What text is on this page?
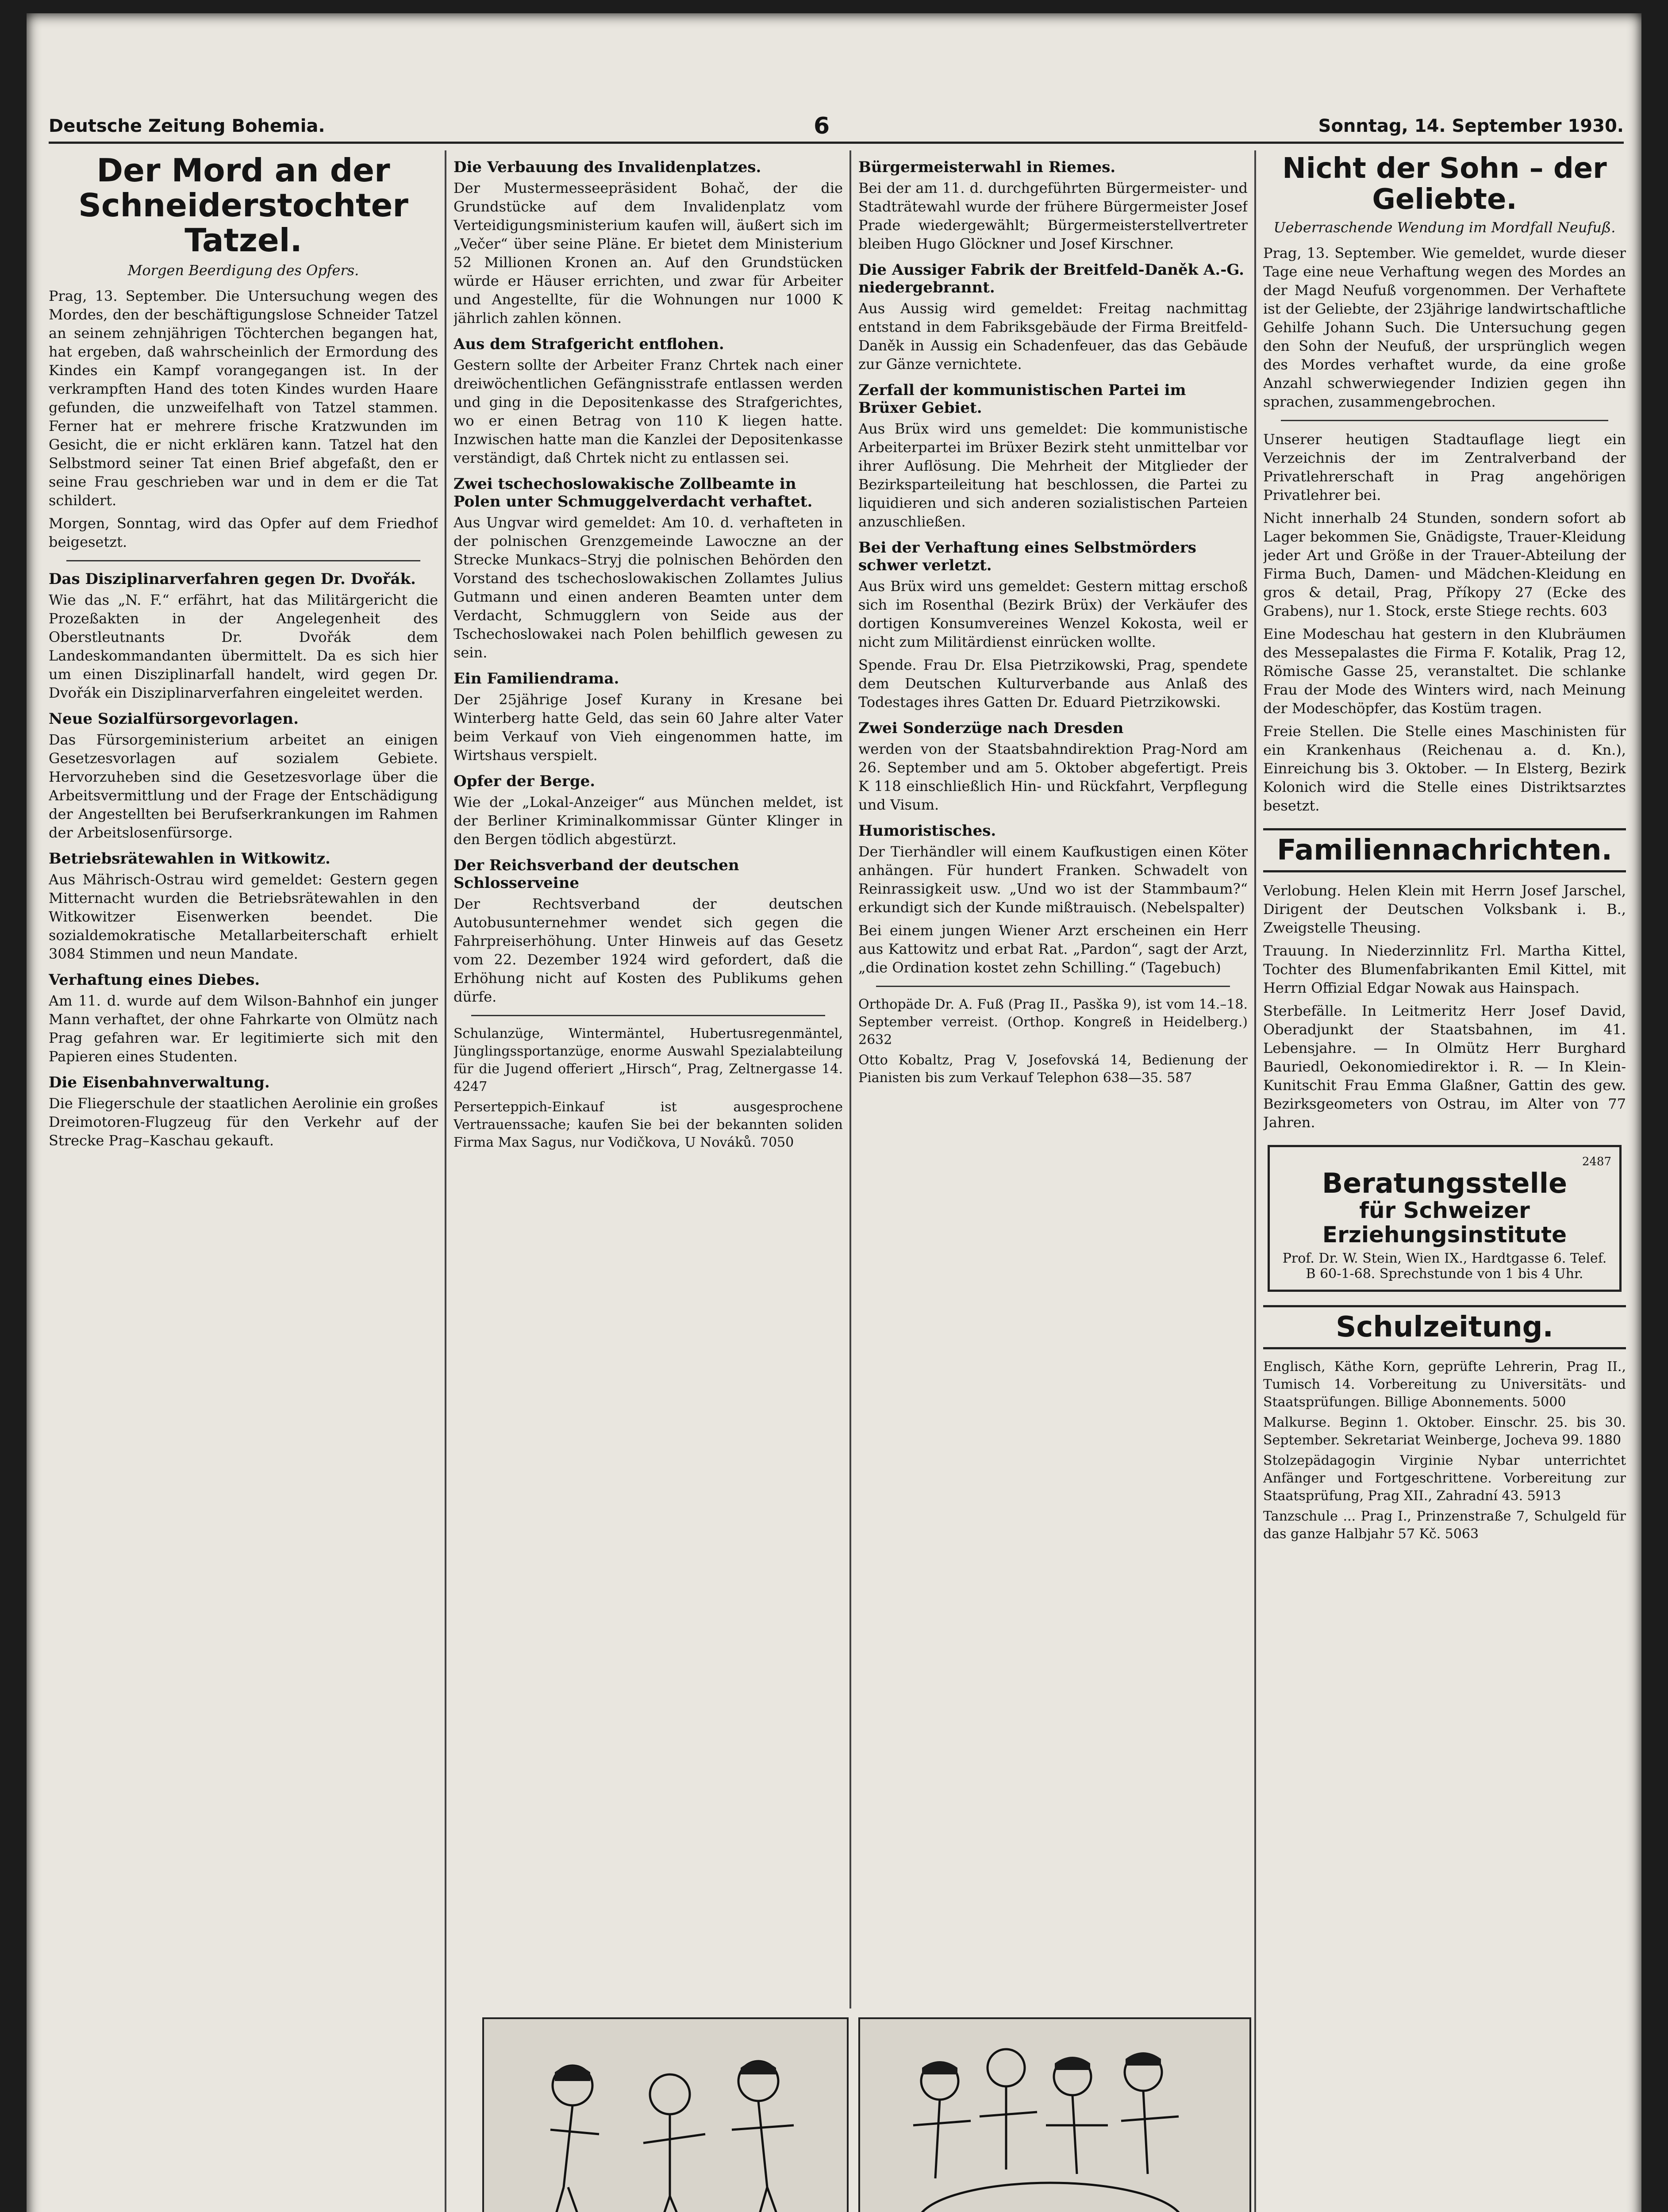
Deutsche Zeitung Bohemia.	6	Sonntag, 14. September 1930.
Der Mord an der Schneiderstochter Tatzel.
Morgen Beerdigung des Opfers.

Prag, 13. September. Die Untersuchung wegen des Mordes, den der beschäftigungslose Schneider Tatzel an seinem zehnjährigen Töchterchen begangen hat, hat ergeben, daß wahrscheinlich der Ermordung des Kindes ein Kampf vorangegangen ist. In der verkrampften Hand des toten Kindes wurden Haare gefunden, die unzweifelhaft von Tatzel stammen. Ferner hat er mehrere frische Kratzwunden im Gesicht, die er nicht erklären kann. Tatzel hat den Selbstmord seiner Tat einen Brief abgefaßt, den er seine Frau geschrieben war und in dem er die Tat schildert.

Morgen, Sonntag, wird das Opfer auf dem Friedhof beigesetzt.

Das Disziplinarverfahren gegen Dr. Dvořák.

Wie das „N. F.“ erfährt, hat das Militärgericht die Prozeßakten in der Angelegenheit des Oberstleutnants Dr. Dvořák dem Landeskommandanten übermittelt. Da es sich hier um einen Disziplinarfall handelt, wird gegen Dr. Dvořák ein Disziplinarverfahren eingeleitet werden.

Neue Sozialfürsorgevorlagen.

Das Fürsorgeministerium arbeitet an einigen Gesetzesvorlagen auf sozialem Gebiete. Hervorzuheben sind die Gesetzesvorlage über die Arbeitsvermittlung und der Frage der Entschädigung der Angestellten bei Berufserkrankungen im Rahmen der Arbeitslosenfürsorge.

Betriebsrätewahlen in Witkowitz.

Aus Mährisch-Ostrau wird gemeldet: Gestern gegen Mitternacht wurden die Betriebsrätewahlen in den Witkowitzer Eisenwerken beendet. Die sozialdemokratische Metallarbeiterschaft erhielt 3084 Stimmen und neun Mandate.

Verhaftung eines Diebes.

Am 11. d. wurde auf dem Wilson-Bahnhof ein junger Mann verhaftet, der ohne Fahrkarte von Olmütz nach Prag gefahren war. Er legitimierte sich mit den Papieren eines Studenten.

Die Eisenbahnverwaltung.

Die Fliegerschule der staatlichen Aerolinie ein großes Dreimotoren-Flugzeug für den Verkehr auf der Strecke Prag–Kaschau gekauft.

Die Verbauung des Invalidenplatzes.

Der Mustermesseepräsident Bohač, der die Grundstücke auf dem Invalidenplatz vom Verteidigungsministerium kaufen will, äußert sich im „Večer“ über seine Pläne. Er bietet dem Ministerium 52 Millionen Kronen an. Auf den Grundstücken würde er Häuser errichten, und zwar für Arbeiter und Angestellte, für die Wohnungen nur 1000 K jährlich zahlen können.

Aus dem Strafgericht entflohen.

Gestern sollte der Arbeiter Franz Chrtek nach einer dreiwöchentlichen Gefängnisstrafe entlassen werden und ging in die Depositenkasse des Strafgerichtes, wo er einen Betrag von 110 K liegen hatte. Inzwischen hatte man die Kanzlei der Depositenkasse verständigt, daß Chrtek nicht zu entlassen sei.

Zwei tschechoslowakische Zollbeamte in Polen unter Schmuggelverdacht verhaftet.

Aus Ungvar wird gemeldet: Am 10. d. verhafteten in der polnischen Grenzgemeinde Lawoczne an der Strecke Munkacs–Stryj die polnischen Behörden den Vorstand des tschechoslowakischen Zollamtes Julius Gutmann und einen anderen Beamten unter dem Verdacht, Schmugglern von Seide aus der Tschechoslowakei nach Polen behilflich gewesen zu sein.

Ein Familiendrama.

Der 25jährige Josef Kurany in Kresane bei Winterberg hatte Geld, das sein 60 Jahre alter Vater beim Verkauf von Vieh eingenommen hatte, im Wirtshaus verspielt.

Opfer der Berge.

Wie der „Lokal-Anzeiger“ aus München meldet, ist der Berliner Kriminalkommissar Günter Klinger in den Bergen tödlich abgestürzt.

Der Reichsverband der deutschen Schlosserveine

Der Rechtsverband der deutschen Autobusunternehmer wendet sich gegen die Fahrpreiserhöhung. Unter Hinweis auf das Gesetz vom 22. Dezember 1924 wird gefordert, daß die Erhöhung nicht auf Kosten des Publikums gehen dürfe.

Schulanzüge, Wintermäntel, Hubertusregenmäntel, Jünglingssportanzüge, enorme Auswahl Spezialabteilung für die Jugend offeriert „Hirsch“, Prag, Zeltnergasse 14. 4247

Perserteppich-Einkauf ist ausgesprochene Vertrauenssache; kaufen Sie bei der bekannten soliden Firma Max Sagus, nur Vodičkova, U Nováků. 7050

Bürgermeisterwahl in Riemes.

Bei der am 11. d. durchgeführten Bürgermeister- und Stadträtewahl wurde der frühere Bürgermeister Josef Prade wiedergewählt; Bürgermeisterstellvertreter bleiben Hugo Glöckner und Josef Kirschner.

Die Aussiger Fabrik der Breitfeld-Daněk A.-G. niedergebrannt.

Aus Aussig wird gemeldet: Freitag nachmittag entstand in dem Fabriksgebäude der Firma Breitfeld-Daněk in Aussig ein Schadenfeuer, das das Gebäude zur Gänze vernichtete.

Zerfall der kommunistischen Partei im Brüxer Gebiet.

Aus Brüx wird uns gemeldet: Die kommunistische Arbeiterpartei im Brüxer Bezirk steht unmittelbar vor ihrer Auflösung. Die Mehrheit der Mitglieder der Bezirksparteileitung hat beschlossen, die Partei zu liquidieren und sich anderen sozialistischen Parteien anzuschließen.

Bei der Verhaftung eines Selbstmörders schwer verletzt.

Aus Brüx wird uns gemeldet: Gestern mittag erschoß sich im Rosenthal (Bezirk Brüx) der Verkäufer des dortigen Konsumvereines Wenzel Kokosta, weil er nicht zum Militärdienst einrücken wollte.

Spende. Frau Dr. Elsa Pietrzikowski, Prag, spendete dem Deutschen Kulturverbande aus Anlaß des Todestages ihres Gatten Dr. Eduard Pietrzikowski.

Zwei Sonderzüge nach Dresden

werden von der Staatsbahndirektion Prag-Nord am 26. September und am 5. Oktober abgefertigt. Preis K 118 einschließlich Hin- und Rückfahrt, Verpflegung und Visum.

Humoristisches.

Der Tierhändler will einem Kaufkustigen einen Köter anhängen. Für hundert Franken. Schwadelt von Reinrassigkeit usw. „Und wo ist der Stammbaum?“ erkundigt sich der Kunde mißtrauisch. (Nebelspalter)

Bei einem jungen Wiener Arzt erscheinen ein Herr aus Kattowitz und erbat Rat. „Pardon“, sagt der Arzt, „die Ordination kostet zehn Schilling.“ (Tagebuch)

Orthopäde Dr. A. Fuß (Prag II., Pasška 9), ist vom 14.–18. September verreist. (Orthop. Kongreß in Heidelberg.) 2632

Otto Kobaltz, Prag V, Josefovská 14, Bedienung der Pianisten bis zum Verkauf Telephon 638—35. 587

Nicht der Sohn – der Geliebte.
Ueberraschende Wendung im Mordfall Neufuß.

Prag, 13. September. Wie gemeldet, wurde dieser Tage eine neue Verhaftung wegen des Mordes an der Magd Neufuß vorgenommen. Der Verhaftete ist der Geliebte, der 23jährige landwirtschaftliche Gehilfe Johann Such. Die Untersuchung gegen den Sohn der Neufuß, der ursprünglich wegen des Mordes verhaftet wurde, da eine große Anzahl schwerwiegender Indizien gegen ihn sprachen, zusammengebrochen.

Unserer heutigen Stadtauflage liegt ein Verzeichnis der im Zentralverband der Privatlehrerschaft in Prag angehörigen Privatlehrer bei.

Nicht innerhalb 24 Stunden, sondern sofort ab Lager bekommen Sie, Gnädigste, Trauer-Kleidung jeder Art und Größe in der Trauer-Abteilung der Firma Buch, Damen- und Mädchen-Kleidung en gros & detail, Prag, Příkopy 27 (Ecke des Grabens), nur 1. Stock, erste Stiege rechts. 603

Eine Modeschau hat gestern in den Klubräumen des Messepalastes die Firma F. Kotalik, Prag 12, Römische Gasse 25, veranstaltet. Die schlanke Frau der Mode des Winters wird, nach Meinung der Modeschöpfer, das Kostüm tragen.

Freie Stellen. Die Stelle eines Maschinisten für ein Krankenhaus (Reichenau a. d. Kn.), Einreichung bis 3. Oktober. — In Elsterg, Bezirk Kolonich wird die Stelle eines Distriktsarztes besetzt.

Familiennachrichten.

Verlobung. Helen Klein mit Herrn Josef Jarschel, Dirigent der Deutschen Volksbank i. B., Zweigstelle Theusing.

Trauung. In Niederzinnlitz Frl. Martha Kittel, Tochter des Blumenfabrikanten Emil Kittel, mit Herrn Offizial Edgar Nowak aus Hainspach.

Sterbefälle. In Leitmeritz Herr Josef David, Oberadjunkt der Staatsbahnen, im 41. Lebensjahre. — In Olmütz Herr Burghard Bauriedl, Oekonomiedirektor i. R. — In Klein-Kunitschit Frau Emma Glaßner, Gattin des gew. Bezirksgeometers von Ostrau, im Alter von 77 Jahren.

2487
Beratungsstelle
für Schweizer Erziehungsinstitute
Prof. Dr. W. Stein, Wien IX., Hardtgasse 6. Telef. B 60-1-68. Sprechstunde von 1 bis 4 Uhr.
Schulzeitung.

Englisch, Käthe Korn, geprüfte Lehrerin, Prag II., Tumisch 14. Vorbereitung zu Universitäts- und Staatsprüfungen. Billige Abonnements. 5000

Malkurse. Beginn 1. Oktober. Einschr. 25. bis 30. September. Sekretariat Weinberge, Jocheva 99. 1880

Stolzepädagogin Virginie Nybar unterrichtet Anfänger und Fortgeschrittene. Vorbereitung zur Staatsprüfung, Prag XII., Zahradní 43. 5913

Tanzschule ... Prag I., Prinzenstraße 7, Schulgeld für das ganze Halbjahr 57 Kč. 5063
